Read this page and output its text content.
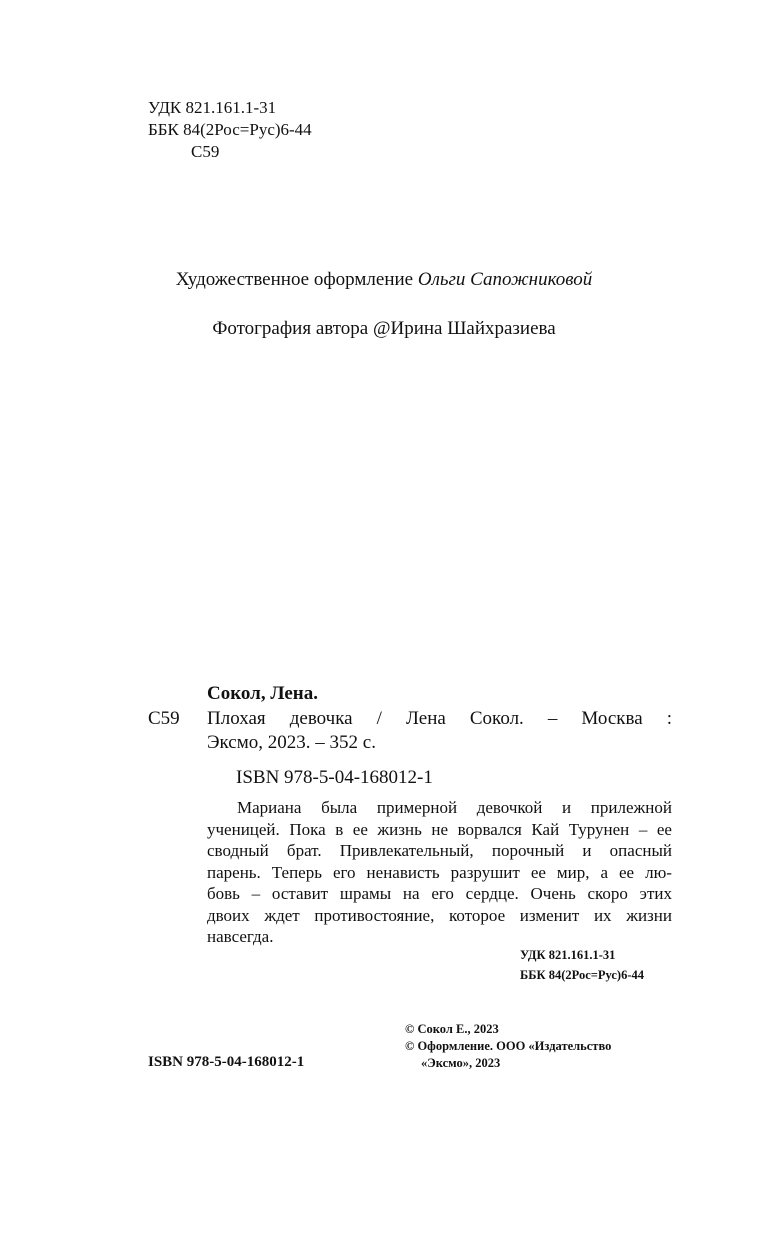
УДК 821.161.1-31
ББК 84(2Рос=Рус)6-44
С59
Художественное оформление Ольги Сапожниковой
Фотография автора @Ирина Шайхразиева
Сокол, Лена.
С59 Плохая девочка / Лена Сокол. – Москва :
Эксмо, 2023. – 352 с.
ISBN 978-5-04-168012-1
Мариана была примерной девочкой и прилежной
ученицей. Пока в ее жизнь не ворвался Кай Турунен – ее
сводный брат. Привлекательный, порочный и опасный
парень. Теперь его ненависть разрушит ее мир, а ее лю-
бовь – оставит шрамы на его сердце. Очень скоро этих
двоих ждет противостояние, которое изменит их жизни
навсегда.
УДК 821.161.1-31
ББК 84(2Рос=Рус)6-44
© Сокол Е., 2023
© Оформление. ООО «Издательство
«Эксмо», 2023
ISBN 978-5-04-168012-1
